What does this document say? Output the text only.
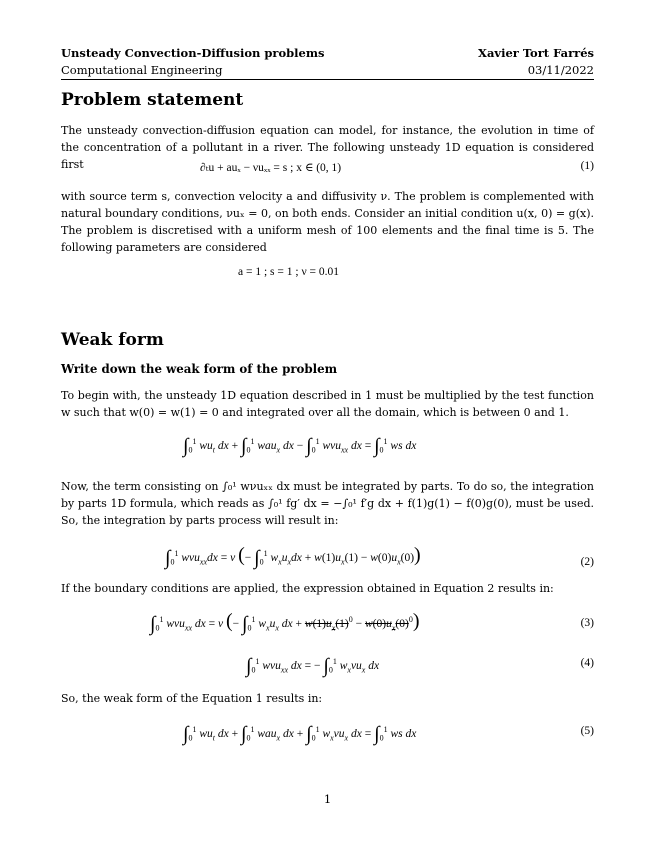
Unsteady Convection-Diffusion problems	Xavier Tort Farrés
Computational Engineering	03/11/2022
Problem statement
The unsteady convection-diffusion equation can model, for instance, the evolution in time of the concentration of a pollutant in a river. The following unsteady 1D equation is considered first	∂ₜu + auₓ − νuₓₓ = s ; x ∈ (0, 1)	(1)
with source term s, convection velocity a and diffusivity ν. The problem is complemented with natural boundary conditions, νuₓ = 0, on both ends. Consider an initial condition u(x, 0) = g(x). The problem is discretised with a uniform mesh of 100 elements and the final time is 5. The following parameters are considered
a = 1 ; s = 1 ; ν = 0.01
Weak form
Write down the weak form of the problem
To begin with, the unsteady 1D equation described in 1 must be multiplied by the test function w such that w(0) = w(1) = 0 and integrated over all the domain, which is between 0 and 1.
$\int_0^1$ $wu_t$ dx + $\int_0^1$ wau$_x$ dx − $\int_0^1$ wνu$_{xx}$ dx = $\int_0^1$ ws dx
Now, the term consisting on ∫₀¹ wνuₓₓ dx must be integrated by parts. To do so, the integration by parts 1D formula, which reads as ∫₀¹ fg′ dx = −∫₀¹ f′g dx + f(1)g(1) − f(0)g(0), must be used. So, the integration by parts process will result in:
$\int_0^1$ wνu$_{xx}$dx = ν (− $\int_0^1$ $w_xu_xdx + w(1)u_x(1) - w(0)u_x(0)$)	(2)
If the boundary conditions are applied, the expression obtained in Equation 2 results in:
$\int_0^1$ wνu$_{xx}$ dx = ν (− $\int_0^1$ $w_xu_x$ dx + $w(1)u_x(1)^0 - w(0)u_x(0)^0$)	(3)
$\int_0^1$ wνu$_{xx}$ dx = − $\int_0^1$ $w_x\nu u_x$ dx	(4)
So, the weak form of the Equation 1 results in:
$\int_0^1$ $wu_t$ dx + $\int_0^1$ wau$_x$ dx + $\int_0^1$ $w_x\nu u_x$ dx = $\int_0^1$ ws dx	(5)
1
